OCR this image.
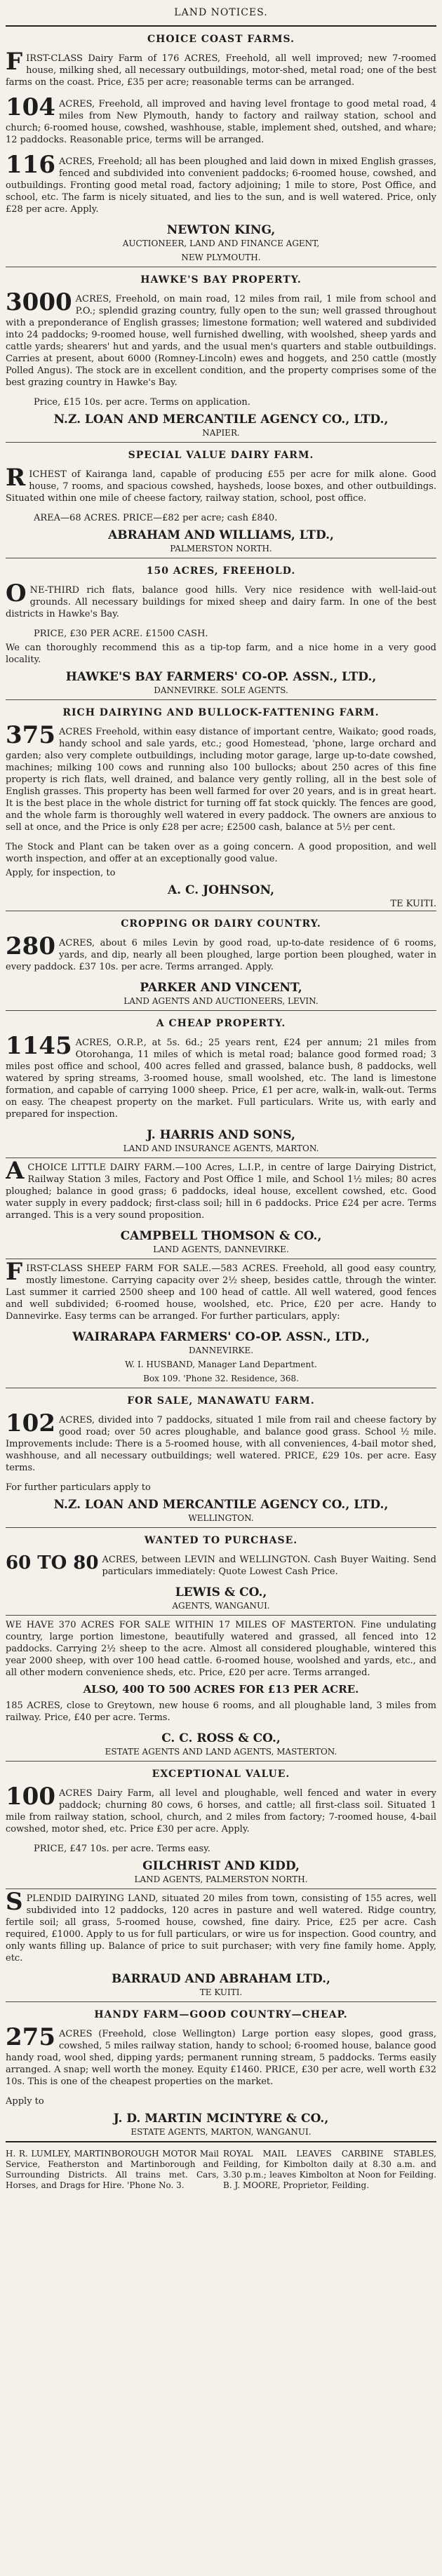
LAND NOTICES.
CHOICE COAST FARMS.
F IRST-CLASS Dairy Farm of 176 ACRES, Freehold, all well improved; new 7-roomed house, milking shed, all necessary outbuildings, motor-shed, metal road; one of the best farms on the coast. Price, £35 per acre; reasonable terms can be arranged.
104 ACRES, Freehold, all improved and having level frontage to good metal road, 4 miles from New Plymouth, handy to factory and railway station, school and church; 6-roomed house, cowshed, washhouse, stable, implement shed, outshed, and whare; 12 paddocks. Reasonable price, terms will be arranged.
116 ACRES, Freehold; all has been ploughed and laid down in mixed English grasses, fenced and subdivided into convenient paddocks; 6-roomed house, cowshed, and outbuildings. Fronting good metal road, factory adjoining; 1 mile to store, Post Office, and school, etc. The farm is nicely situated, and lies to the sun, and is well watered. Price, only £28 per acre. Apply.
NEWTON KING,
AUCTIONEER, LAND AND FINANCE AGENT,
NEW PLYMOUTH.
HAWKE'S BAY PROPERTY.
3000 ACRES, Freehold, on main road, 12 miles from rail, 1 mile from school and P.O.; splendid grazing country, fully open to the sun; well grassed throughout with a preponderance of English grasses; limestone formation; well watered and subdivided into 24 paddocks; 9-roomed house, well furnished dwelling, with woolshed, sheep yards and cattle yards; shearers' hut and yards, and the usual men's quarters and stable outbuildings. Carries at present, about 6000 (Romney-Lincoln) ewes and hoggets, and 250 cattle (mostly Polled Angus). The stock are in excellent condition, and the property comprises some of the best grazing country in Hawke's Bay.
Price, £15 10s. per acre. Terms on application.
N.Z. LOAN AND MERCANTILE AGENCY CO., LTD.,
NAPIER.
SPECIAL VALUE DAIRY FARM.
R ICHEST of Kairanga land, capable of producing £55 per acre for milk alone. Good house, 7 rooms, and spacious cowshed, haysheds, loose boxes, and other outbuildings. Situated within one mile of cheese factory, railway station, school, post office.
AREA—68 ACRES. PRICE—£82 per acre; cash £840.
ABRAHAM AND WILLIAMS, LTD.,
PALMERSTON NORTH.
150 ACRES, FREEHOLD.
O NE-THIRD rich flats, balance good hills. Very nice residence with well-laid-out grounds. All necessary buildings for mixed sheep and dairy farm. In one of the best districts in Hawke's Bay.
PRICE, £30 PER ACRE. £1500 CASH.
We can thoroughly recommend this as a tip-top farm, and a nice home in a very good locality.
HAWKE'S BAY FARMERS' CO-OP. ASSN., LTD.,
DANNEVIRKE. SOLE AGENTS.
RICH DAIRYING AND BULLOCK-FATTENING FARM.
375 ACRES Freehold, within easy distance of important centre, Waikato; good roads, handy school and sale yards, etc.; good Homestead, 'phone, large orchard and garden; also very complete outbuildings, including motor garage, large up-to-date cowshed, machines; milking 100 cows and running also 100 bullocks; about 250 acres of this fine property is rich flats, well drained, and balance very gently rolling, all in the best sole of English grasses. This property has been well farmed for over 20 years, and is in great heart. It is the best place in the whole district for turning off fat stock quickly. The fences are good, and the whole farm is thoroughly well watered in every paddock. The owners are anxious to sell at once, and the Price is only £28 per acre; £2500 cash, balance at 5½ per cent.
The Stock and Plant can be taken over as a going concern. A good proposition, and well worth inspection, and offer at an exceptionally good value.
Apply, for inspection, to
A. C. JOHNSON,
TE KUITI.
CROPPING OR DAIRY COUNTRY.
280 ACRES, about 6 miles Levin by good road, up-to-date residence of 6 rooms, yards, and dip, nearly all been ploughed, large portion been ploughed, water in every paddock. £37 10s. per acre. Terms arranged. Apply.
PARKER AND VINCENT,
LAND AGENTS AND AUCTIONEERS, LEVIN.
A CHEAP PROPERTY.
1145 ACRES, O.R.P., at 5s. 6d.; 25 years rent, £24 per annum; 21 miles from Otorohanga, 11 miles of which is metal road; balance good formed road; 3 miles post office and school, 400 acres felled and grassed, balance bush, 8 paddocks, well watered by spring streams, 3-roomed house, small woolshed, etc. The land is limestone formation, and capable of carrying 1000 sheep. Price, £1 per acre, walk-in, walk-out. Terms on easy. The cheapest property on the market. Full particulars. Write us, with early and prepared for inspection.
J. HARRIS AND SONS,
LAND AND INSURANCE AGENTS, MARTON.
A CHOICE LITTLE DAIRY FARM.—100 Acres, L.I.P., in centre of large Dairying District, Railway Station 3 miles, Factory and Post Office 1 mile, and School 1½ miles; 80 acres ploughed; balance in good grass; 6 paddocks, ideal house, excellent cowshed, etc. Good water supply in every paddock; first-class soil; hill in 6 paddocks. Price £24 per acre. Terms arranged. This is a very sound proposition.
CAMPBELL THOMSON & CO.,
LAND AGENTS, DANNEVIRKE.
F IRST-CLASS SHEEP FARM FOR SALE.—583 ACRES. Freehold, all good easy country, mostly limestone. Carrying capacity over 2½ sheep, besides cattle, through the winter. Last summer it carried 2500 sheep and 100 head of cattle. All well watered, good fences and well subdivided; 6-roomed house, woolshed, etc. Price, £20 per acre. Handy to Dannevirke. Easy terms can be arranged. For further particulars, apply:
WAIRARAPA FARMERS' CO-OP. ASSN., LTD.,
DANNEVIRKE.
W. I. HUSBAND, Manager Land Department.
Box 109. 'Phone 32. Residence, 368.
FOR SALE, MANAWATU FARM.
102 ACRES, divided into 7 paddocks, situated 1 mile from rail and cheese factory by good road; over 50 acres ploughable, and balance good grass. School ½ mile. Improvements include: There is a 5-roomed house, with all conveniences, 4-bail motor shed, washhouse, and all necessary outbuildings; well watered. PRICE, £29 10s. per acre. Easy terms.
For further particulars apply to
N.Z. LOAN AND MERCANTILE AGENCY CO., LTD.,
WELLINGTON.
WANTED TO PURCHASE.
60 TO 80 ACRES, between LEVIN and WELLINGTON. Cash Buyer Waiting. Send particulars immediately: Quote Lowest Cash Price.
LEWIS & CO.,
AGENTS, WANGANUI.
WE HAVE 370 ACRES FOR SALE WITHIN 17 MILES OF MASTERTON. Fine undulating country, large portion limestone, beautifully watered and grassed, all fenced into 12 paddocks. Carrying 2½ sheep to the acre. Almost all considered ploughable, wintered this year 2000 sheep, with over 100 head cattle. 6-roomed house, woolshed and yards, etc., and all other modern convenience sheds, etc. Price, £20 per acre. Terms arranged.
ALSO, 400 TO 500 ACRES FOR £13 PER ACRE.
185 ACRES, close to Greytown, new house 6 rooms, and all ploughable land, 3 miles from railway. Price, £40 per acre. Terms.
C. C. ROSS & CO.,
ESTATE AGENTS AND LAND AGENTS, MASTERTON.
EXCEPTIONAL VALUE.
100 ACRES Dairy Farm, all level and ploughable, well fenced and water in every paddock; churning 80 cows, 6 horses, and cattle; all first-class soil. Situated 1 mile from railway station, school, church, and 2 miles from factory; 7-roomed house, 4-bail cowshed, motor shed, etc. Price £30 per acre. Apply.
PRICE, £47 10s. per acre. Terms easy.
GILCHRIST AND KIDD,
LAND AGENTS, PALMERSTON NORTH.
S PLENDID DAIRYING LAND, situated 20 miles from town, consisting of 155 acres, well subdivided into 12 paddocks, 120 acres in pasture and well watered. Ridge country, fertile soil; all grass, 5-roomed house, cowshed, fine dairy. Price, £25 per acre. Cash required, £1000. Apply to us for full particulars, or wire us for inspection. Good country, and only wants filling up. Balance of price to suit purchaser; with very fine family home. Apply, etc.
BARRAUD AND ABRAHAM LTD.,
TE KUITI.
HANDY FARM—GOOD COUNTRY—CHEAP.
275 ACRES (Freehold, close Wellington) Large portion easy slopes, good grass, cowshed, 5 miles railway station, handy to school; 6-roomed house, balance good handy road, wool shed, dipping yards; permanent running stream, 5 paddocks. Terms easily arranged. A snap; well worth the money. Equity £1460. PRICE, £30 per acre, well worth £32 10s. This is one of the cheapest properties on the market.
Apply to
J. D. MARTIN MCINTYRE & CO.,
ESTATE AGENTS, MARTON, WANGANUI.
H. R. LUMLEY, MARTINBOROUGH MOTOR Mail Service, Featherston and Martinborough and Surrounding Districts. All trains met. Cars, Horses, and Drags for Hire. 'Phone No. 3.
ROYAL MAIL LEAVES CARBINE STABLES, Feilding, for Kimbolton daily at 8.30 a.m. and 3.30 p.m.; leaves Kimbolton at Noon for Feilding. B. J. MOORE, Proprietor, Feilding.
